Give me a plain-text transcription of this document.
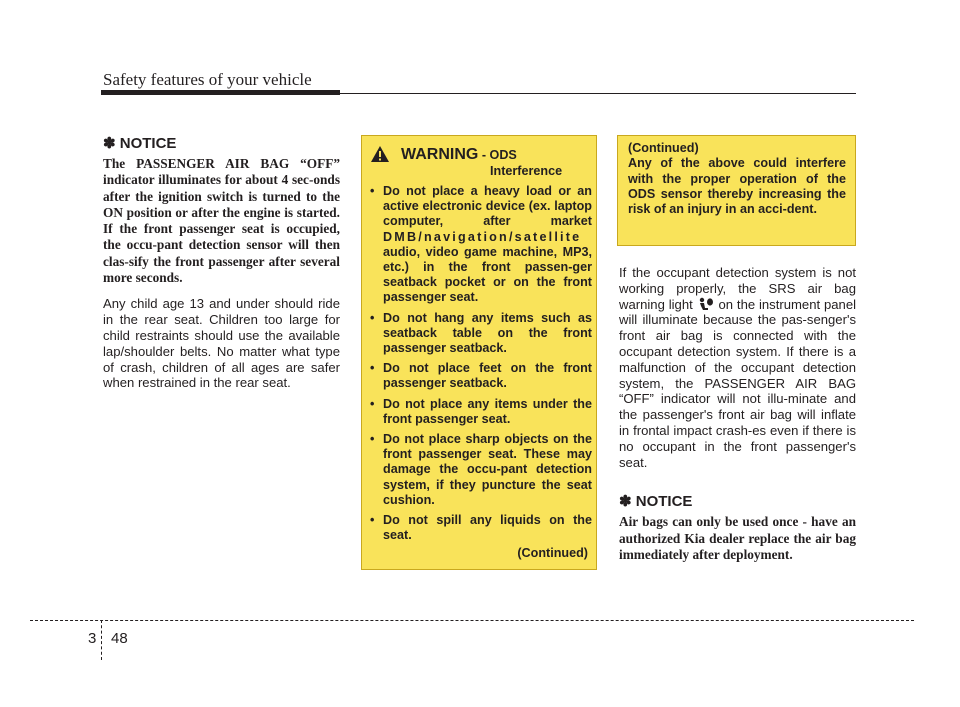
Safety features of your vehicle

✽ NOTICE

The PASSENGER AIR BAG “OFF” indicator illuminates for about 4 sec-onds after the ignition switch is turned to the ON position or after the engine is started. If the front passenger seat is occupied, the occu-pant detection sensor will then clas-sify the front passenger after several more seconds.

Any child age 13 and under should ride in the rear seat. Children too large for child restraints should use the available lap/shoulder belts. No matter what type of crash, children of all ages are safer when restrained in the rear seat.

WARNING - ODS
Interference
• Do not place a heavy load or an active electronic device (ex. laptop computer, after market DMB/navigation/satellite audio, video game machine, MP3, etc.) in the front passen-ger seatback pocket or on the front passenger seat.
• Do not hang any items such as seatback table on the front passenger seatback.
• Do not place feet on the front passenger seatback.
• Do not place any items under the front passenger seat.
• Do not place sharp objects on the front passenger seat. These may damage the occu-pant detection system, if they puncture the seat cushion.
• Do not spill any liquids on the seat.
(Continued)

(Continued)

Any of the above could interfere with the proper operation of the ODS sensor thereby increasing the risk of an injury in an acci-dent.

If the occupant detection system is not working properly, the SRS air bag warning light on the instrument panel will illuminate because the pas-senger's front air bag is connected with the occupant detection system. If there is a malfunction of the occupant detection system, the PASSENGER AIR BAG “OFF” indicator will not illu-minate and the passenger's front air bag will inflate in frontal impact crash-es even if there is no occupant in the front passenger's seat.

✽ NOTICE

Air bags can only be used once - have an authorized Kia dealer replace the air bag immediately after deployment.

3 48
